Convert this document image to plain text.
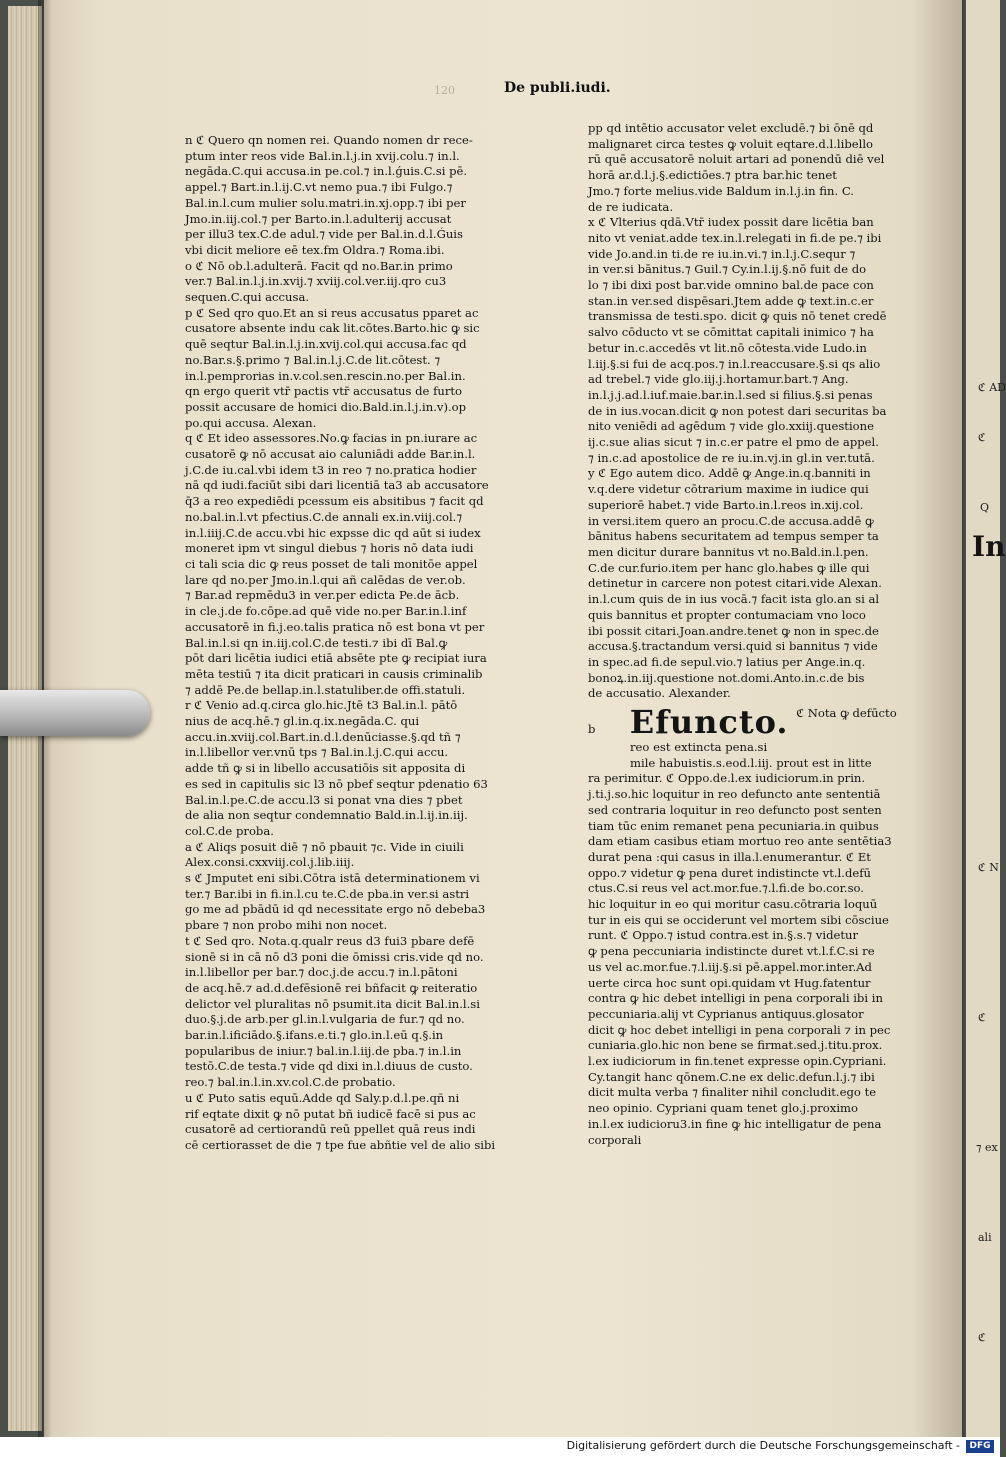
120	De publi.iudi.
n ℭ Quero qn nomen rei. Quando nomen dr rece-
ptum inter reos vide Bal.in.l.j.in xvij.colu.⁊ in.l.
negāda.C.qui accusa.in pe.col.⁊ in.l.ǵuis.C.si pē.
appel.⁊ Bart.in.l.ij.C.vt nemo pua.⁊ ibi Fulgo.⁊
Bal.in.l.cum mulier solu.matri.in.xj.opp.⁊ ibi per
Jmo.in.iij.col.⁊ per Barto.in.l.adulterij accusat
per illu3 tex.C.de adul.⁊ vide per Bal.in.d.l.Ǵuis
vbi dicit meliore eē tex.fm Oldra.⁊ Roma.ibi.
o ℭ Nō ob.l.adulterā. Facit qd no.Bar.in primo
ver.⁊ Bal.in.l.j.in.xvij.⁊ xviij.col.ver.iij.qro cu3
sequen.C.qui accusa.
p ℭ Sed qro quo.Et an si reus accusatus pparet ac
cusatore absente indu cak lit.cōtes.Barto.hic ꝙ sic
quē seqtur Bal.in.l.j.in.xvij.col.qui accusa.fac qd
no.Bar.s.§.primo ⁊ Bal.in.l.j.C.de lit.cōtest. ⁊
in.l.pemprorias in.v.col.sen.rescin.no.per Bal.in.
qn ergo querit vtr̄ pactis vtr̄ accusatus de furto
possit accusare de homici dio.Bald.in.l.j.in.v).op
po.qui accusa. Alexan.
q ℭ Et ideo assessores.No.ꝙ facias in pn.iurare ac
cusatorē ꝙ nō accusat aio caluniādi adde Bar.in.l.
j.C.de iu.cal.vbi idem t3 in reo ⁊ no.pratica hodier
nā qd iudi.faciūt sibi dari licentiā ta3 ab accusatore
q̄3 a reo expediēdi pcessum eis absitibus ⁊ facit qd
no.bal.in.l.vt pfectius.C.de annali ex.in.viij.col.⁊
in.l.iiij.C.de accu.vbi hic expsse dic qd aūt si iudex
moneret ipm vt singul diebus ⁊ horis nō data iudi
ci tali scia dic ꝙ reus posset de tali monitōe appel
lare qd no.per Jmo.in.l.qui añ calēdas de ver.ob.
⁊ Bar.ad repmēdu3 in ver.per edicta Pe.de ācb.
in cle.j.de fo.cōpe.ad quē vide no.per Bar.in.l.inf
accusatorē in fi.j.eo.talis pratica nō est bona vt per
Bal.in.l.si qn in.iij.col.C.de testi.⁊ ibi dī Bal.ꝙ
pōt dari licētia iudici etiā absēte pte ꝙ recipiat iura
mēta testiū ⁊ ita dicit praticari in causis criminalib
⁊ addē Pe.de bellap.in.l.statuliber.de offi.statuli.
r ℭ Venio ad.q.circa glo.hic.Jtē t3 Bal.in.l. pātō
nius de acq.hē.⁊ gl.in.q.ix.negāda.C. qui
accu.in.xviij.col.Bart.in.d.l.denūciasse.§.qd tñ ⁊
in.l.libellor ver.vnū tps ⁊ Bal.in.l.j.C.qui accu.
adde tñ ꝙ si in libello accusatiōis sit apposita di
es sed in capitulis sic l3 nō pbef seqtur pdenatio 63
Bal.in.l.pe.C.de accu.l3 si ponat vna dies ⁊ pbet
de alia non seqtur condemnatio Bald.in.l.ij.in.iij.
col.C.de proba.
a ℭ Aliqs posuit diē ⁊ nō pbauit ⁊c. Vide in ciuili
Alex.consi.cxxviij.col.j.lib.iiij.
s ℭ Jmputet eni sibi.Cōtra istā determinationem vi
ter.⁊ Bar.ibi in fi.in.l.cu te.C.de pba.in ver.si astri
go me ad pbādū id qd necessitate ergo nō debeba3
pbare ⁊ non probo mihi non nocet.
t ℭ Sed qro. Nota.q.qualr reus d3 fui3 pbare defē
sionē si in cā nō d3 poni die ōmissi cris.vide qd no.
in.l.libellor per bar.⁊ doc.j.de accu.⁊ in.l.pātoni
de acq.hē.⁊ ad.d.defēsionē rei bñfacit ꝙ reiteratio
delictor vel pluralitas nō psumit.ita dicit Bal.in.l.si
duo.§.j.de arb.per gl.in.l.vulgaria de fur.⁊ qd no.
bar.in.l.ificiādo.§.ifans.e.ti.⁊ glo.in.l.eū q.§.in
popularibus de iniur.⁊ bal.in.l.iij.de pba.⁊ in.l.in
testō.C.de testa.⁊ vide qd dixi in.l.diuus de custo.
reo.⁊ bal.in.l.in.xv.col.C.de probatio.
u ℭ Puto satis equū.Adde qd Saly.p.d.l.pe.qñ ni
rif eqtate dixit ꝙ nō putat bñ iudicē facē si pus ac
cusatorē ad certiorandū reū ppellet quā reus indi
cē certiorasset de die ⁊ tpe fue abñtie vel de alio sibi
pp qd intētio accusator velet excludē.⁊ bi ōnē qd
malignaret circa testes ꝙ voluit eqtare.d.l.libello
rū quē accusatorē noluit artari ad ponendū diē vel
horā ar.d.l.j.§.edictiōes.⁊ ptra bar.hic tenet
Jmo.⁊ forte melius.vide Baldum in.l.j.in fin. C.
de re iudicata.
x ℭ Vlterius qdā.Vtr̄ iudex possit dare licētia ban
nito vt veniat.adde tex.in.l.relegati in fi.de pe.⁊ ibi
vide Jo.and.in ti.de re iu.in.vi.⁊ in.l.j.C.sequr ⁊
in ver.si bānitus.⁊ Guil.⁊ Cy.in.l.ij.§.nō fuit de do
lo ⁊ ibi dixi post bar.vide omnino bal.de pace con
stan.in ver.sed dispēsari.Jtem adde ꝙ text.in.c.er
transmissa de testi.spo. dicit ꝙ quis nō tenet credē
salvo cōducto vt se cōmittat capitali inimico ⁊ ha
betur in.c.accedēs vt lit.nō cōtesta.vide Ludo.in
l.iij.§.si fui de acq.pos.⁊ in.l.reaccusare.§.si qs alio
ad trebel.⁊ vide glo.iij.j.hortamur.bart.⁊ Ang.
in.l.j.j.ad.l.iuf.maie.bar.in.l.sed si filius.§.si penas
de in ius.vocan.dicit ꝙ non potest dari securitas ba
nito veniēdi ad agēdum ⁊ vide glo.xxiij.questione
ij.c.sue alias sicut ⁊ in.c.er patre el pmo de appel.
⁊ in.c.ad apostolice de re iu.in.vj.in gl.in ver.tutā.
y ℭ Ego autem dico. Addē ꝙ Ange.in.q.banniti in
v.q.dere videtur cōtrarium maxime in iudice qui
superiorē habet.⁊ vide Barto.in.l.reos in.xij.col.
in versi.item quero an procu.C.de accusa.addē ꝙ
bānitus habens securitatem ad tempus semper ta
men dicitur durare bannitus vt no.Bald.in.l.pen.
C.de cur.furio.item per hanc glo.habes ꝙ ille qui
detinetur in carcere non potest citari.vide Alexan.
in.l.cum quis de in ius vocā.⁊ facit ista glo.an si al
quis bannitus et propter contumaciam vno loco
ibi possit citari.Joan.andre.tenet ꝙ non in spec.de
accusa.§.tractandum versi.quid si bannitus ⁊ vide
in spec.ad fi.de sepul.vio.⁊ latius per Ange.in.q.
bonoꝝ.in.iij.questione not.domi.Anto.in.c.de bis
de accusatio. Alexander.
b Efuncto. ℭ Nota ꝙ defūcto
reo est extincta pena.si
mile habuistis.s.eod.l.iij. prout est in litte
ra perimitur. ℭ Oppo.de.l.ex iudiciorum.in prin.
j.ti.j.so.hic loquitur in reo defuncto ante sententiā
sed contraria loquitur in reo defuncto post senten
tiam tūc enim remanet pena pecuniaria.in quibus
dam etiam casibus etiam mortuo reo ante sentētia3
durat pena :qui casus in illa.l.enumerantur. ℭ Et
oppo.⁊ videtur ꝙ pena duret indistincte vt.l.defū
ctus.C.si reus vel act.mor.fue.⁊.l.fi.de bo.cor.so.
hic loquitur in eo qui moritur casu.cōtraria loquū
tur in eis qui se occiderunt vel mortem sibi cōsciue
runt. ℭ Oppo.⁊ istud contra.est in.§.s.⁊ videtur
ꝙ pena peccuniaria indistincte duret vt.l.f.C.si re
us vel ac.mor.fue.⁊.l.iij.§.si pē.appel.mor.inter.Ad
uerte circa hoc sunt opi.quidam vt Hug.fatentur
contra ꝙ hic debet intelligi in pena corporali ibi in
peccuniaria.alij vt Cyprianus antiquus.glosator
dicit ꝙ hoc debet intelligi in pena corporali ⁊ in pec
cuniaria.glo.hic non bene se firmat.sed.j.titu.prox.
l.ex iudiciorum in fin.tenet expresse opin.Cypriani.
Cy.tangit hanc qōnem.C.ne ex delic.defun.l.j.⁊ ibi
dicit multa verba ⁊ finaliter nihil concludit.ego te
neo opinio. Cypriani quam tenet glo.j.proximo
in.l.ex iudicioru3.in fine ꝙ hic intelligatur de pena
corporali
In
ℭ AD
ℭ
Q
ℭ N
ℭ
⁊ ex
ali
ℭ
Digitalisierung gefördert durch die Deutsche Forschungsgemeinschaft -	DFG
